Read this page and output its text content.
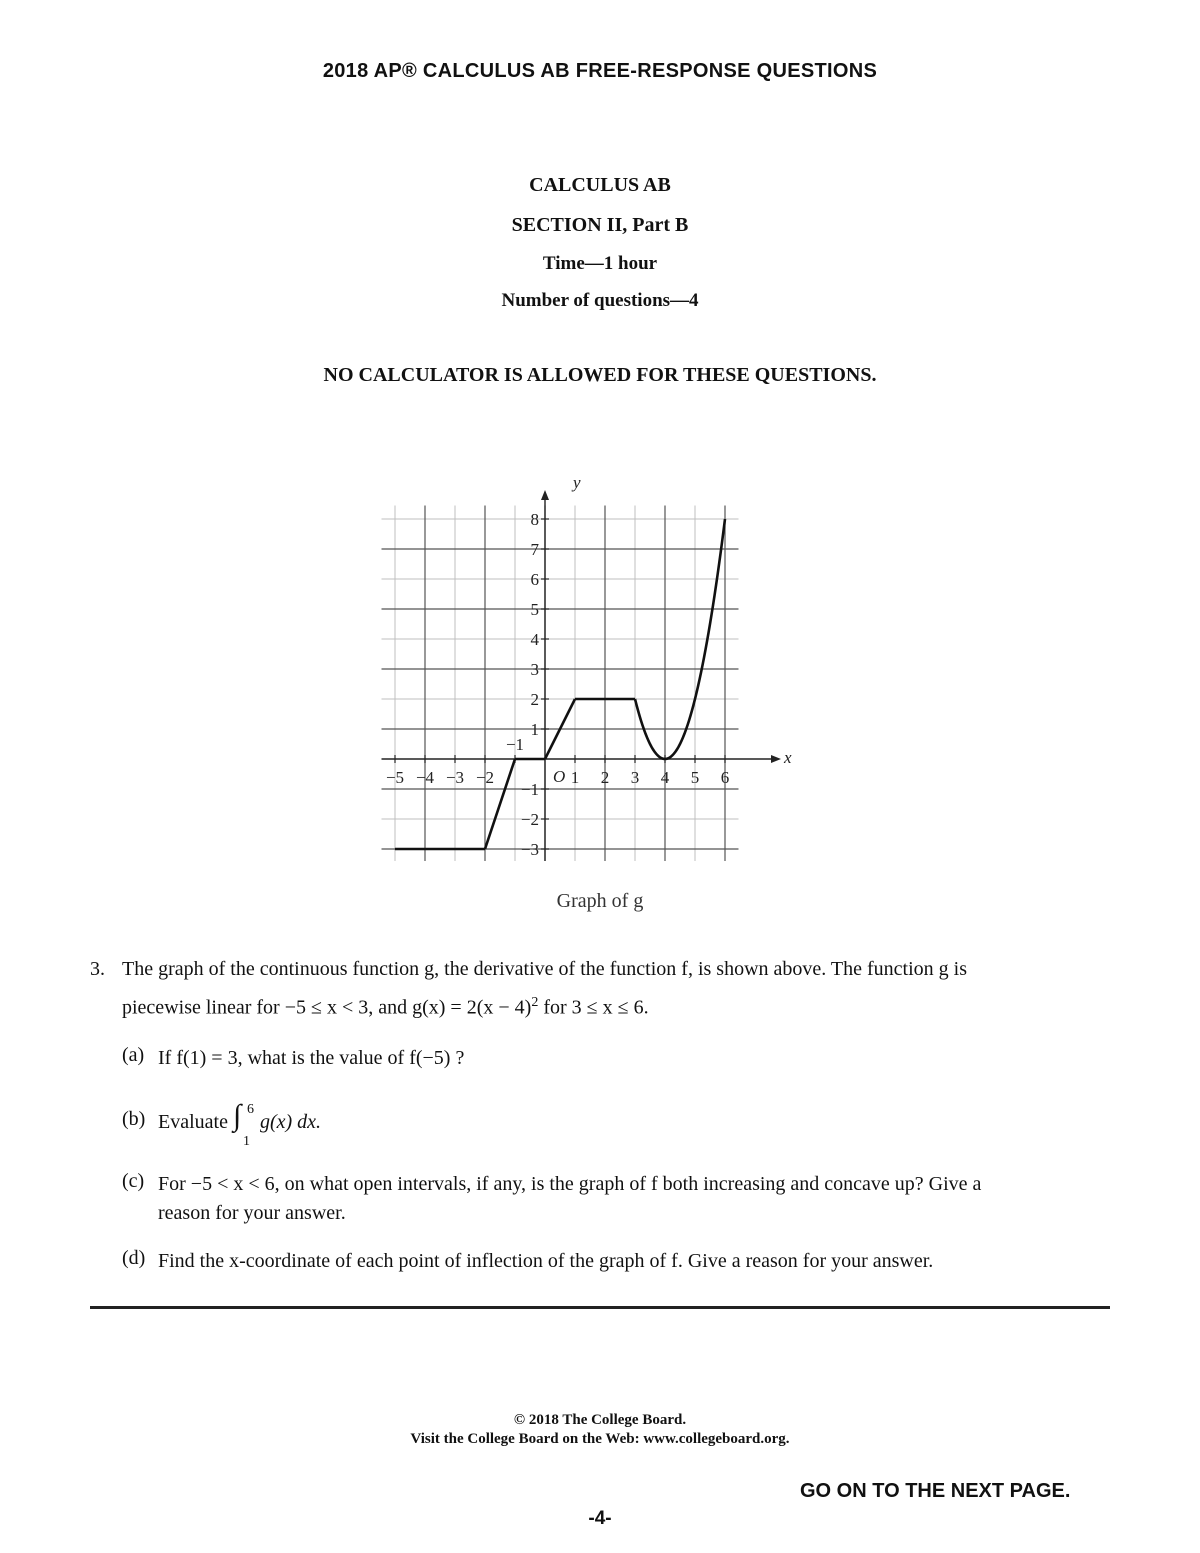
2018 AP® CALCULUS AB FREE-RESPONSE QUESTIONS
CALCULUS AB
SECTION II, Part B
Time—1 hour
Number of questions—4
NO CALCULATOR IS ALLOWED FOR THESE QUESTIONS.
−5 −4 −3 −2
−1
1 2 3 4 5 6
8
7
6
5
4
3
2
1
−1
−2
−3
y
x
O
Graph of g
3. The graph of the continuous function g, the derivative of the function f, is shown above. The function g is
piecewise linear for −5 ≤ x < 3, and $g(x) = 2(x - 4)^2$ for 3 ≤ x ≤ 6.
(a) If f(1) = 3, what is the value of f(−5) ?
(b) Evaluate ∫ 6
1
g(x) dx.
(c) For −5 < x < 6, on what open intervals, if any, is the graph of f both increasing and concave up? Give a
reason for your answer.
(d) Find the x-coordinate of each point of inflection of the graph of f. Give a reason for your answer.
© 2018 The College Board.
Visit the College Board on the Web: www.collegeboard.org.
GO ON TO THE NEXT PAGE.
-4-
